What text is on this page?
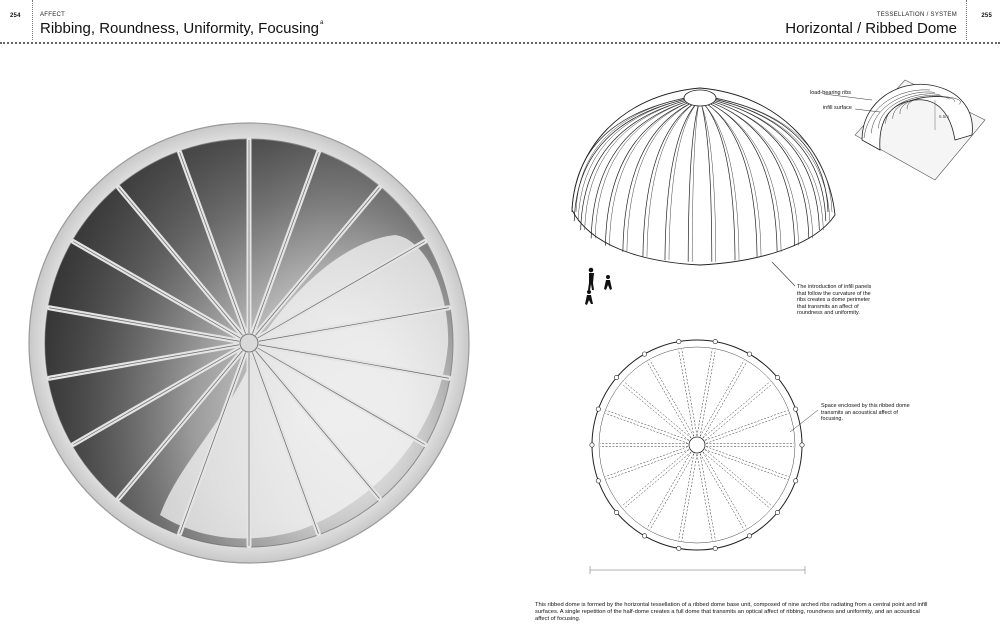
254	AFFECT
Ribbing, Roundness, Uniformity, Focusing$^a$
TESSELLATION / SYSTEM
Horizontal / Ribbed Dome
255
load-bearing ribs
infill surface
6.5m
The introduction of infill panels that follow the curvature of the ribs creates a dome perimeter that transmits an affect of roundness and uniformity.
Space enclosed by this ribbed dome transmits an acoustical affect of focusing.
This ribbed dome is formed by the horizontal tessellation of a ribbed dome base unit, composed of nine arched ribs radiating from a central point and infill surfaces. A single repetition of the half-dome creates a full dome that transmits an optical affect of ribbing, roundness and uniformity, and an acoustical affect of focusing.
